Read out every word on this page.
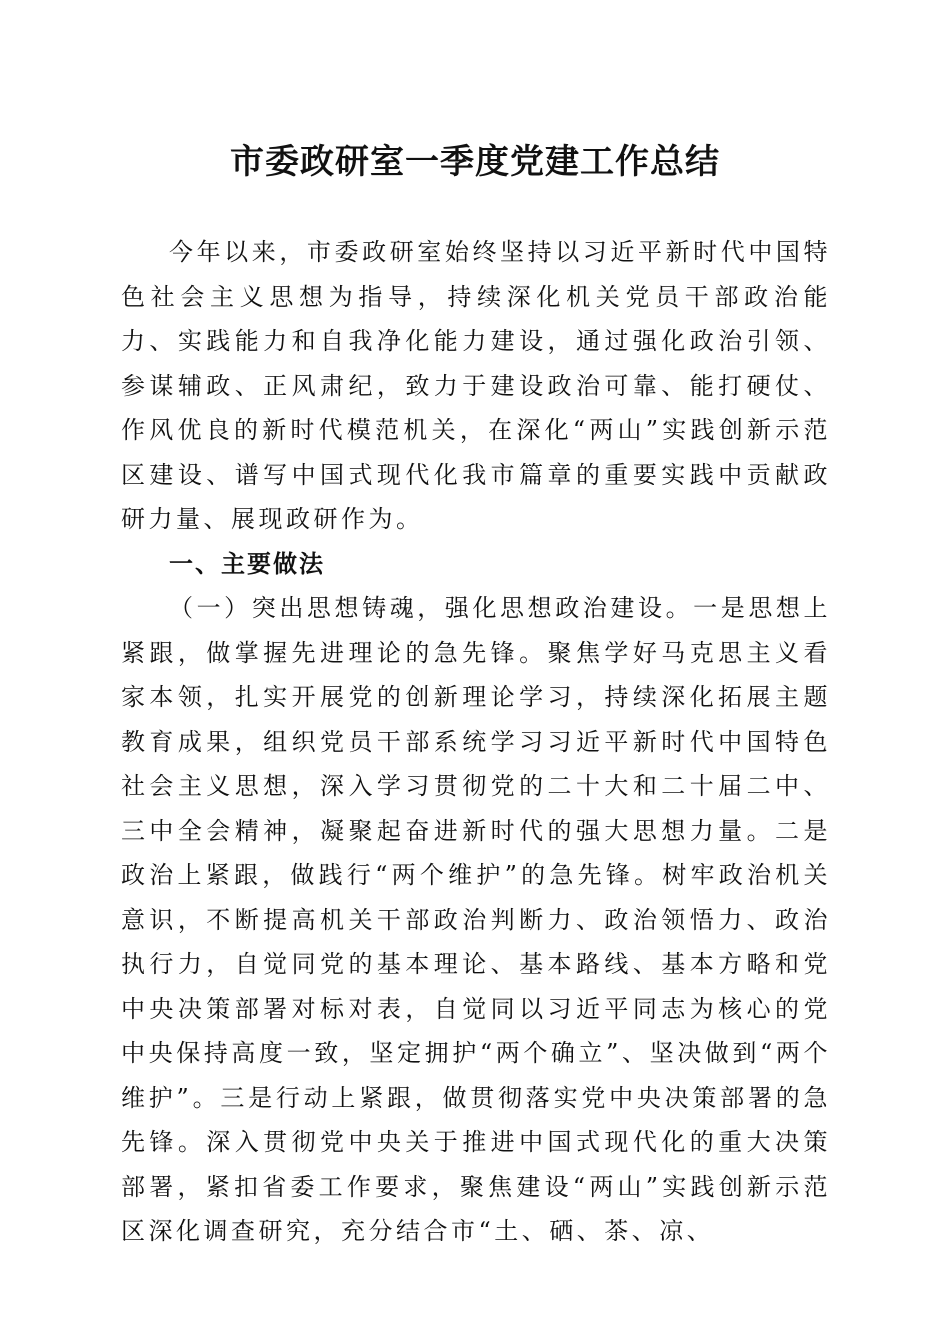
市委政研室一季度党建工作总结

今年以来，市委政研室始终坚持以习近平新时代中国特色社会主义思想为指导，持续深化机关党员干部政治能力、实践能力和自我净化能力建设，通过强化政治引领、参谋辅政、正风肃纪，致力于建设政治可靠、能打硬仗、作风优良的新时代模范机关，在深化“两山”实践创新示范区建设、谱写中国式现代化我市篇章的重要实践中贡献政研力量、展现政研作为。

一、主要做法

（一）突出思想铸魂，强化思想政治建设。一是思想上紧跟，做掌握先进理论的急先锋。聚焦学好马克思主义看家本领，扎实开展党的创新理论学习，持续深化拓展主题教育成果，组织党员干部系统学习习近平新时代中国特色社会主义思想，深入学习贯彻党的二十大和二十届二中、三中全会精神，凝聚起奋进新时代的强大思想力量。二是政治上紧跟，做践行“两个维护”的急先锋。树牢政治机关意识，不断提高机关干部政治判断力、政治领悟力、政治执行力，自觉同党的基本理论、基本路线、基本方略和党中央决策部署对标对表，自觉同以习近平同志为核心的党中央保持高度一致，坚定拥护“两个确立”、坚决做到“两个维护”。三是行动上紧跟，做贯彻落实党中央决策部署的急先锋。深入贯彻党中央关于推进中国式现代化的重大决策部署，紧扣省委工作要求，聚焦建设“两山”实践创新示范区深化调查研究，充分结合市“土、硒、茶、凉、
